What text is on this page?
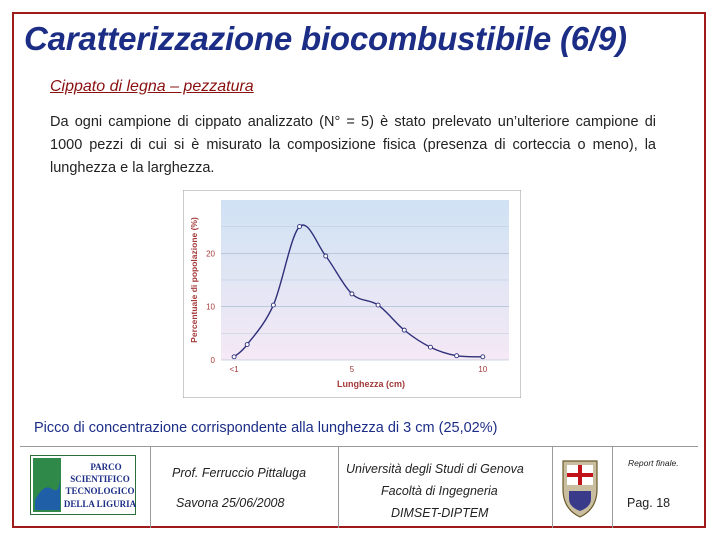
Caratterizzazione biocombustibile (6/9)
Cippato di legna – pezzatura
Da ogni campione di cippato analizzato (N° = 5) è stato prelevato un’ulteriore campione di 1000 pezzi di cui si è misurato la composizione fisica (presenza di corteccia o meno), la lunghezza e la larghezza.
0
10
20
<1	5	10
Percentuale di popolazione (%)
Lunghezza (cm)
Picco di concentrazione corrispondente alla lunghezza di 3 cm (25,02%)
PARCO
SCIENTIFICO
TECNOLOGICO
DELLA LIGURIA
PSTL	Prof. Ferruccio Pittaluga
Savona 25/06/2008
Università degli Studi di Genova
Facoltà di Ingegneria
DIMSET-DIPTEM
Report finale.
Pag. 18
